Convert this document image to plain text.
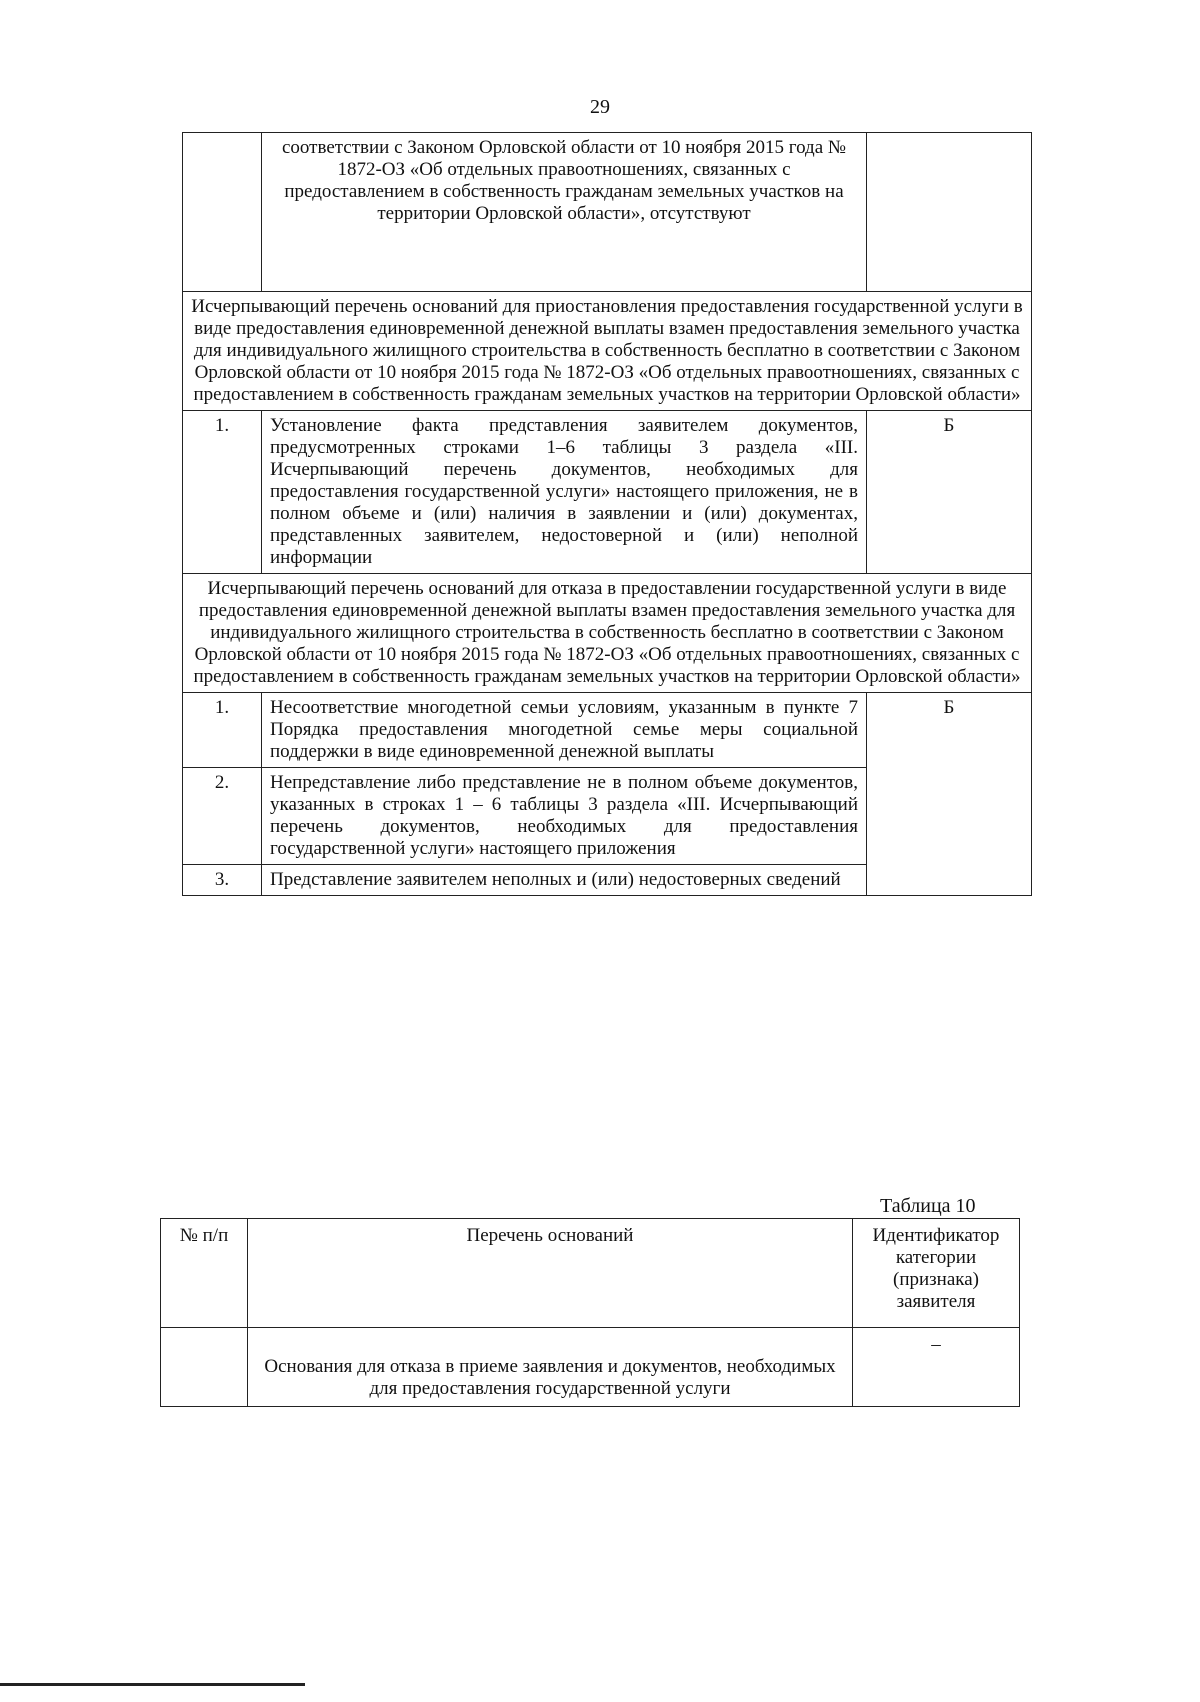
29
	соответствии с Законом Орловской области от 10 ноября 2015 года № 1872-ОЗ «Об отдельных правоотношениях, связанных с предоставлением в собственность гражданам земельных участков на территории Орловской области», отсутствуют	
Исчерпывающий перечень оснований для приостановления предоставления государственной услуги в виде предоставления единовременной денежной выплаты взамен предоставления земельного участка для индивидуального жилищного строительства в собственность бесплатно в соответствии с Законом Орловской области от 10 ноября 2015 года № 1872-ОЗ «Об отдельных правоотношениях, связанных с предоставлением в собственность гражданам земельных участков на территории Орловской области»		
1.	Установление факта представления заявителем документов, предусмотренных строками 1–6 таблицы 3 раздела «III. Исчерпывающий перечень документов, необходимых для предоставления государственной услуги» настоящего приложения, не в полном объеме и (или) наличия в заявлении и (или) документах, представленных заявителем, недостоверной и (или) неполной информации	Б
Исчерпывающий перечень оснований для отказа в предоставлении государственной услуги в виде предоставления единовременной денежной выплаты взамен предоставления земельного участка для индивидуального жилищного строительства в собственность бесплатно в соответствии с Законом Орловской области от 10 ноября 2015 года № 1872-ОЗ «Об отдельных правоотношениях, связанных с предоставлением в собственность гражданам земельных участков на территории Орловской области»		
1.	Несоответствие многодетной семьи условиям, указанным в пункте 7 Порядка предоставления многодетной семье меры социальной поддержки в виде единовременной денежной выплаты	Б
2.	Непредставление либо представление не в полном объеме документов, указанных в строках 1 – 6 таблицы 3 раздела «III. Исчерпывающий перечень документов, необходимых для предоставления государственной услуги» настоящего приложения	
3.	Представление заявителем неполных и (или) недостоверных сведений	
Таблица 10
№ п/п	Перечень оснований	Идентификатор категории (признака) заявителя
	Основания для отказа в приеме заявления и документов, необходимых для предоставления государственной услуги	–
